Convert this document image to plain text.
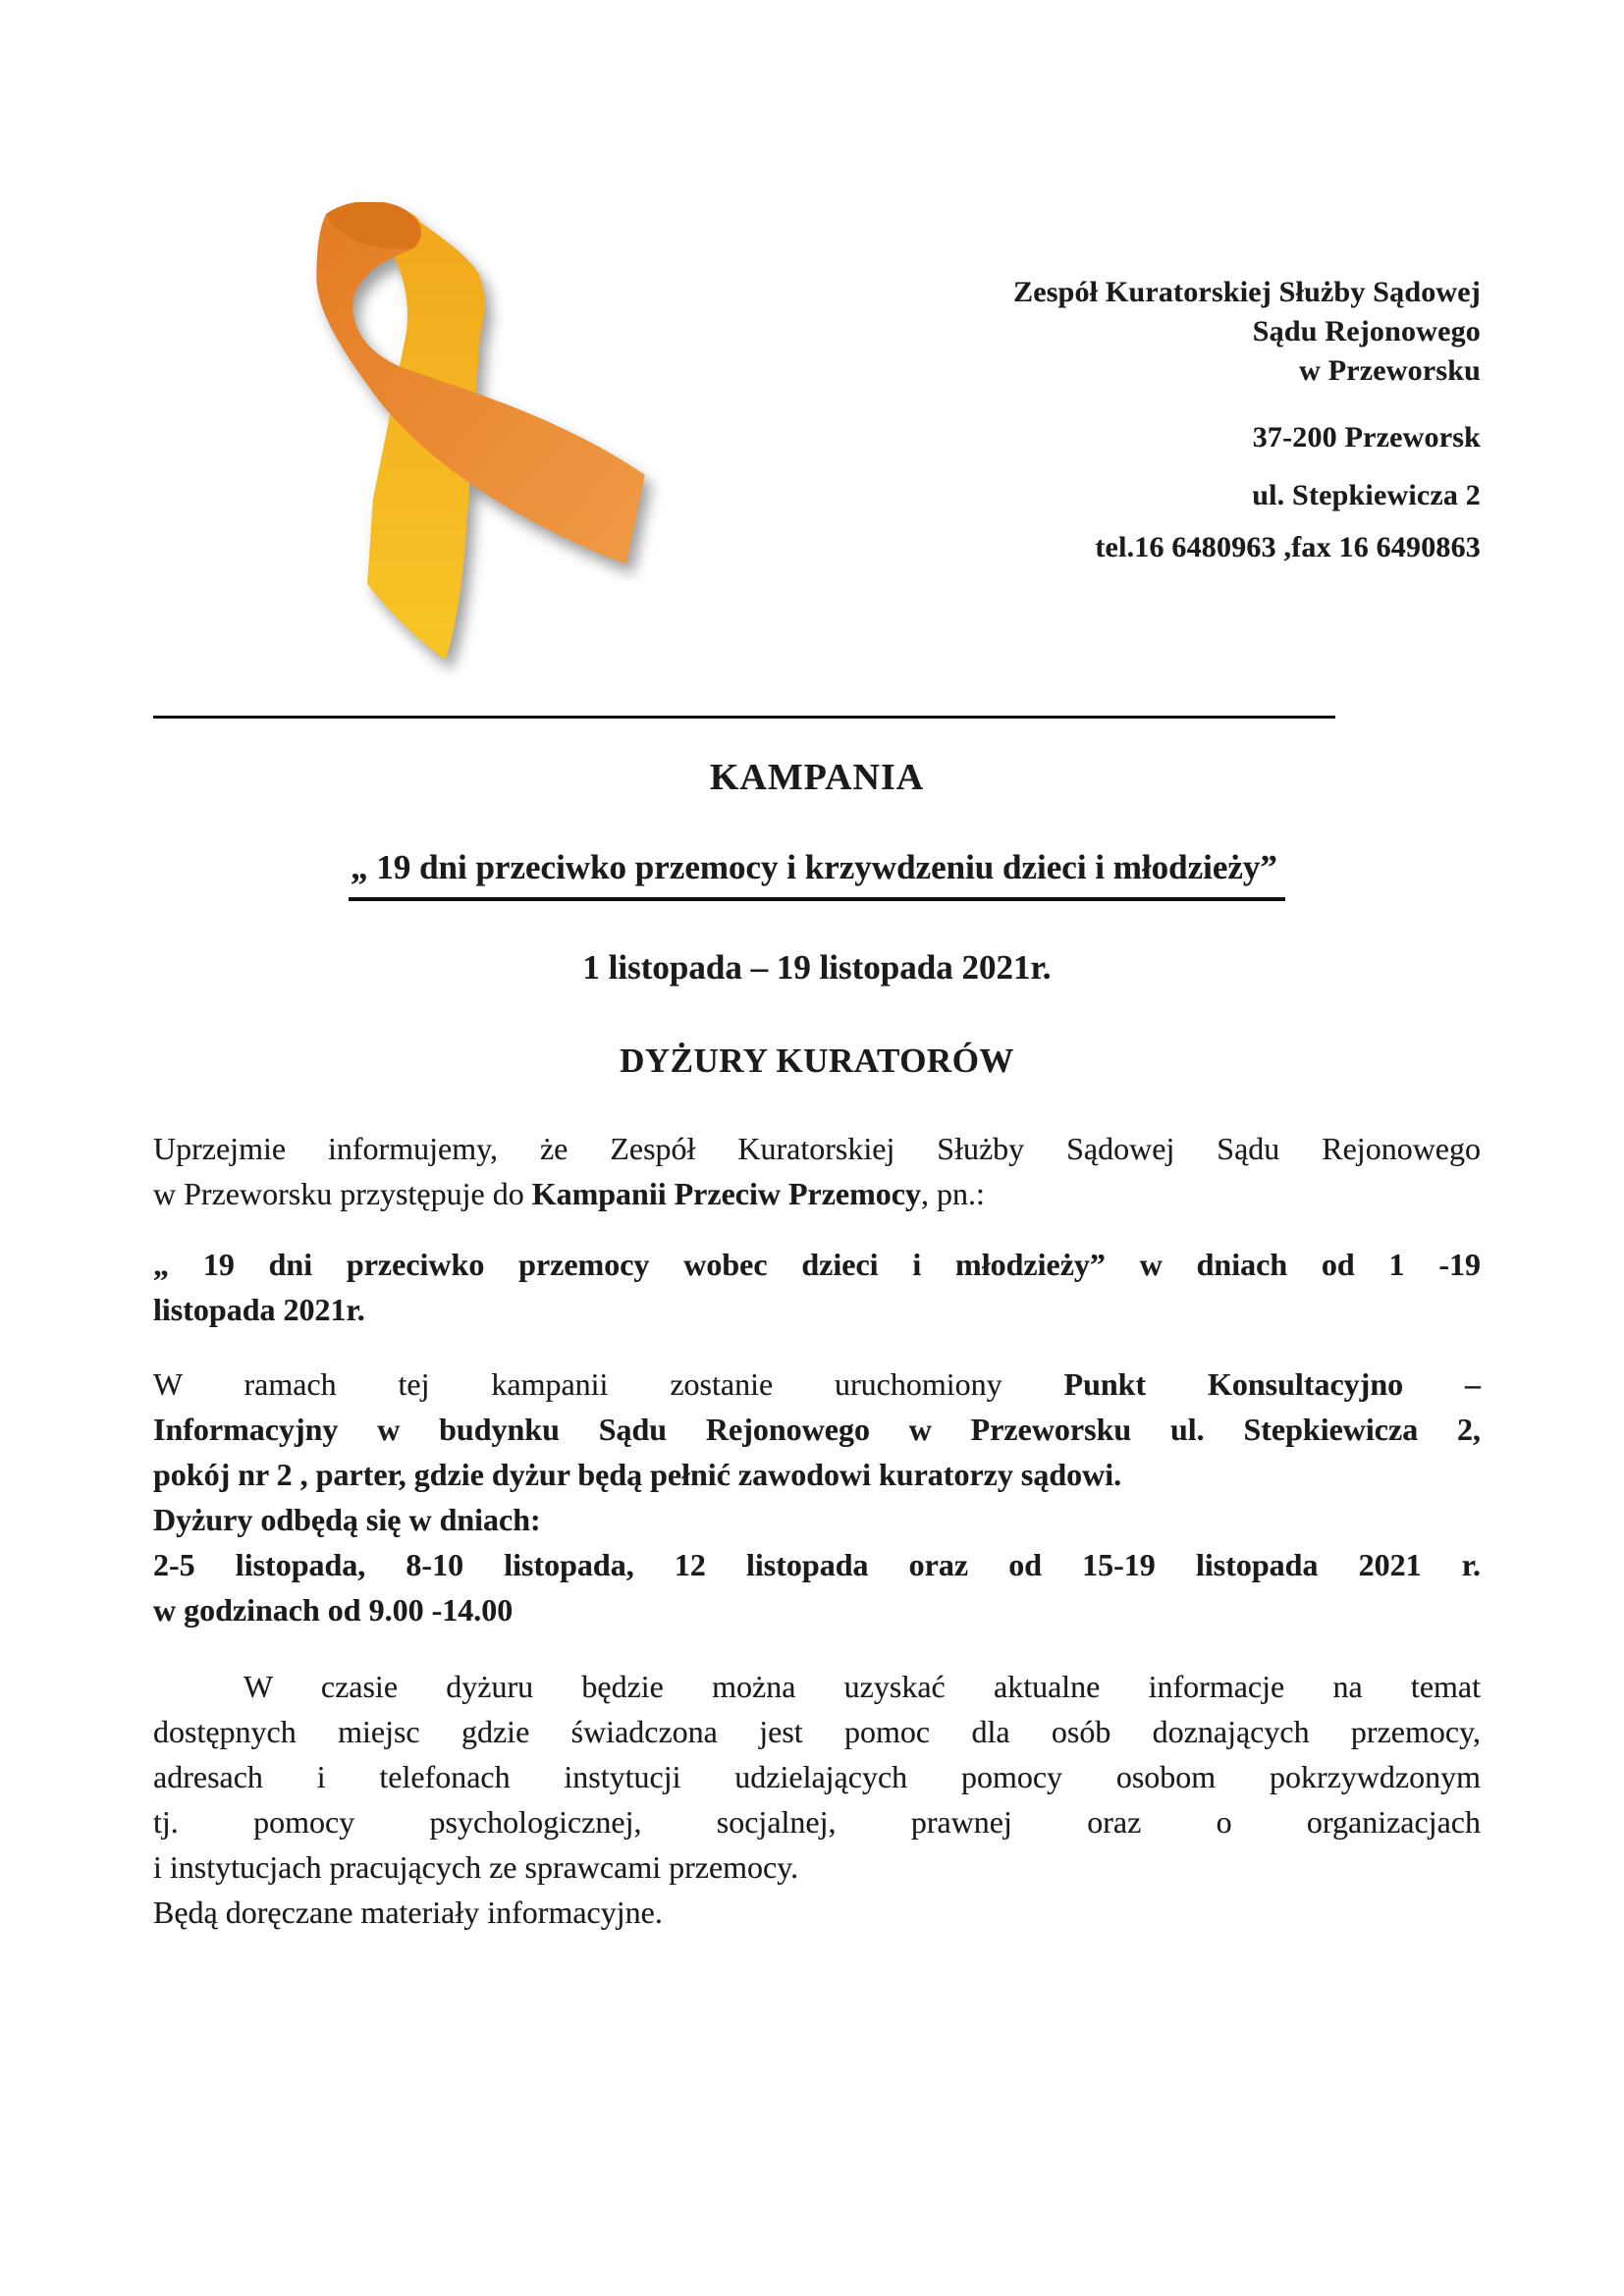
Zespół Kuratorskiej Służby Sądowej
Sądu Rejonowego
w Przeworsku
37-200 Przeworsk
ul. Stepkiewicza 2
tel.16 6480963 ,fax 16 6490863
KAMPANIA
„ 19 dni przeciwko przemocy i krzywdzeniu dzieci i młodzieży”
1 listopada – 19 listopada 2021r.
DYŻURY KURATORÓW
Uprzejmie informujemy, że Zespół Kuratorskiej Służby Sądowej Sądu Rejonowego
w Przeworsku przystępuje do Kampanii Przeciw Przemocy, pn.:
„ 19 dni przeciwko przemocy wobec dzieci i młodzieży” w dniach od 1 -19
listopada 2021r.
W ramach tej kampanii zostanie uruchomiony Punkt Konsultacyjno –
Informacyjny w budynku Sądu Rejonowego w Przeworsku ul. Stepkiewicza 2,
pokój nr 2 , parter, gdzie dyżur będą pełnić zawodowi kuratorzy sądowi.
Dyżury odbędą się w dniach:
2-5 listopada, 8-10 listopada, 12 listopada oraz od 15-19 listopada 2021 r.
w godzinach od 9.00 -14.00
W czasie dyżuru będzie można uzyskać aktualne informacje na temat
dostępnych miejsc gdzie świadczona jest pomoc dla osób doznających przemocy,
adresach i telefonach instytucji udzielających pomocy osobom pokrzywdzonym
tj. pomocy psychologicznej, socjalnej, prawnej oraz o organizacjach
i instytucjach pracujących ze sprawcami przemocy.
Będą doręczane materiały informacyjne.
